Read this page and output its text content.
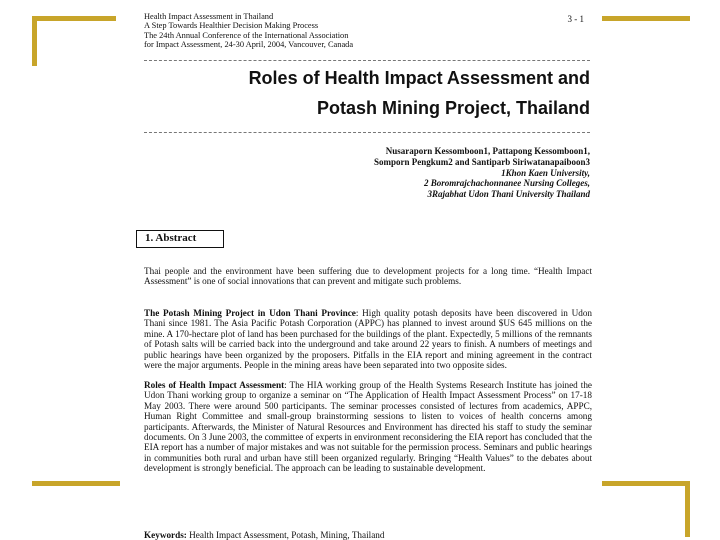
Health Impact Assessment in Thailand
A Step Towards Healthier Decision Making Process
The 24th Annual Conference of the International Association
for Impact Assessment, 24-30 April, 2004, Vancouver, Canada
3 - 1
Roles of Health Impact Assessment and
Potash Mining Project, Thailand
Nusaraporn Kessomboon1, Pattapong Kessomboon1,
Somporn Pengkum2 and Santiparb Siriwatanapaiboon3
1Khon Kaen University,
2 Boromrajchachonnanee Nursing Colleges,
3Rajabhat Udon Thani University Thailand
1. Abstract

Thai people and the environment have been suffering due to development projects for a long time. “Health Impact Assessment” is one of social innovations that can prevent and mitigate such problems.

The Potash Mining Project in Udon Thani Province: High quality potash deposits have been discovered in Udon Thani since 1981. The Asia Pacific Potash Corporation (APPC) has planned to invest around $US 645 millions on the mine. A 170-hectare plot of land has been purchased for the buildings of the plant. Expectedly, 5 millions of the remnants of Potash salts will be carried back into the underground and take around 22 years to finish. A numbers of meetings and public hearings have been organized by the proposers. Pitfalls in the EIA report and mining agreement in the contract were the major arguments. People in the mining areas have been separated into two opposite sides.

Roles of Health Impact Assessment: The HIA working group of the Health Systems Research Institute has joined the Udon Thani working group to organize a seminar on “The Application of Health Impact Assessment Process” on 17-18 May 2003. There were around 500 participants. The seminar processes consisted of lectures from academics, APPC, Human Right Committee and small-group brainstorming sessions to listen to voices of health concerns among participants. Afterwards, the Minister of Natural Resources and Environment has directed his staff to study the seminar documents. On 3 June 2003, the committee of experts in environment reconsidering the EIA report has concluded that the EIA report has a number of major mistakes and was not suitable for the permission process. Seminars and public hearings in communities both rural and urban have still been organized regularly. Bringing “Health Values” to the debates about development is strongly beneficial. The approach can be leading to sustainable development.

Keywords: Health Impact Assessment, Potash, Mining, Thailand
